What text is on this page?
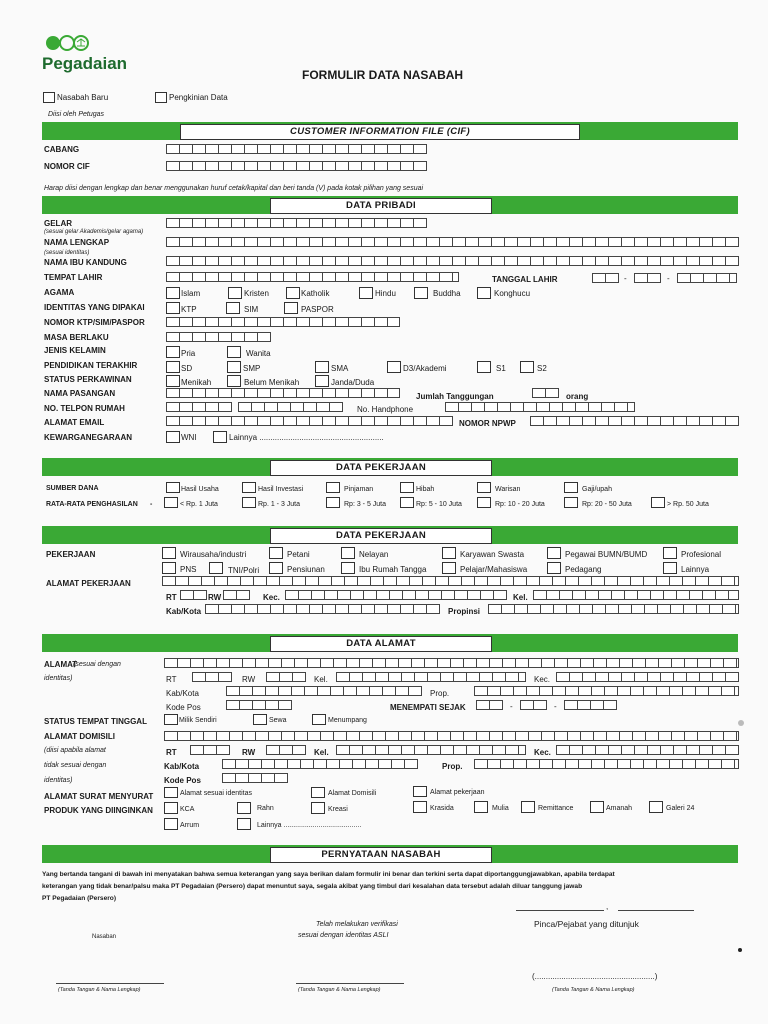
Pegadaian
FORMULIR DATA NASABAH
Nasabah Baru	Pengkinian Data
Diisi oleh Petugas
CUSTOMER INFORMATION FILE (CIF)
CABANG
NOMOR CIF
Harap diisi dengan lengkap dan benar menggunakan huruf cetak/kapital dan beri tanda (V) pada kotak pilihan yang sesuai
DATA PRIBADI
GELAR
(sesuai gelar Akademis/gelar agama)
NAMA LENGKAP
(sesuai identitas)
NAMA IBU KANDUNG
TEMPAT LAHIR	TANGGAL LAHIR	-	-
AGAMA	Islam	Kristen	Katholik	Hindu	Buddha	Konghucu
IDENTITAS YANG DIPAKAI	KTP	SIM	PASPOR
NOMOR KTP/SIM/PASPOR
MASA BERLAKU
JENIS KELAMIN	Pria	Wanita
PENDIDIKAN TERAKHIR	SD	SMP	SMA	D3/Akademi	S1	S2
STATUS PERKAWINAN	Menikah	Belum Menikah	Janda/Duda
NAMA PASANGAN	Jumlah Tanggungan	orang
NO. TELPON RUMAH	No. Handphone
ALAMAT EMAIL	NOMOR NPWP
KEWARGANEGARAAN	WNI	Lainnya ........................................................
DATA PEKERJAAN
SUMBER DANA	Hasil Usaha	Hasil Investasi	Pinjaman	Hibah	Warisan	Gaji/upah
RATA-RATA PENGHASILAN -	< Rp. 1 Juta	Rp. 1 - 3 Juta	Rp: 3 - 5 Juta	Rp: 5 - 10 Juta	Rp: 10 - 20 Juta	Rp: 20 - 50 Juta	> Rp. 50 Juta
DATA PEKERJAAN
PEKERJAAN	Wirausaha/industri	Petani	Nelayan	Karyawan Swasta	Pegawai BUMN/BUMD	Profesional
PNS	TNI/Polri	Pensiunan	Ibu Rumah Tangga	Pelajar/Mahasiswa	Pedagang	Lainnya
ALAMAT PEKERJAAN
RT	RW	Kec.	Kel.
Kab/Kota	Propinsi
DATA ALAMAT
ALAMAT
(sesuai dengan
identitas)	RT	RW	Kel.	Kec.
Kab/Kota	Prop.
Kode Pos	MENEMPATI SEJAK	-	-
STATUS TEMPAT TINGGAL	Milik Sendiri	Sewa	Menumpang
ALAMAT DOMISILI
(diisi apabila alamat
tidak sesuai dengan
identitas)
RT	RW	Kel.	Kec.
Kab/Kota	Prop.
Kode Pos
ALAMAT SURAT MENYURAT	Alamat sesuai identitas	Alamat Domisili	Alamat pekerjaan
PRODUK YANG DIINGINKAN	KCA	Rahn	Kreasi	Krasida	Mulia	Remittance	Amanah	Galeri 24
Arrum	Lainnya ........................................
PERNYATAAN NASABAH
Yang bertanda tangani di bawah ini menyatakan bahwa semua keterangan yang saya berikan dalam formulir ini benar dan terkini serta dapat diportanggungjawabkan, apabila terdapat
keterangan yang tidak benar/palsu maka PT Pegadaian (Persero) dapat menuntut saya, segala akibat yang timbul dari kesalahan data tersebut adalah diluar tanggung jawab
PT Pegadaian (Persero)
,
Telah melakukan verifikasi
sesuai dengan identitas ASLI
Pinca/Pejabat yang ditunjuk
Nasaban
(......................................................)
(Tanda Tangan & Nama Lengkap)	(Tanda Tangan & Nama Lengkap)	(Tanda Tangan & Nama Lengkap)
